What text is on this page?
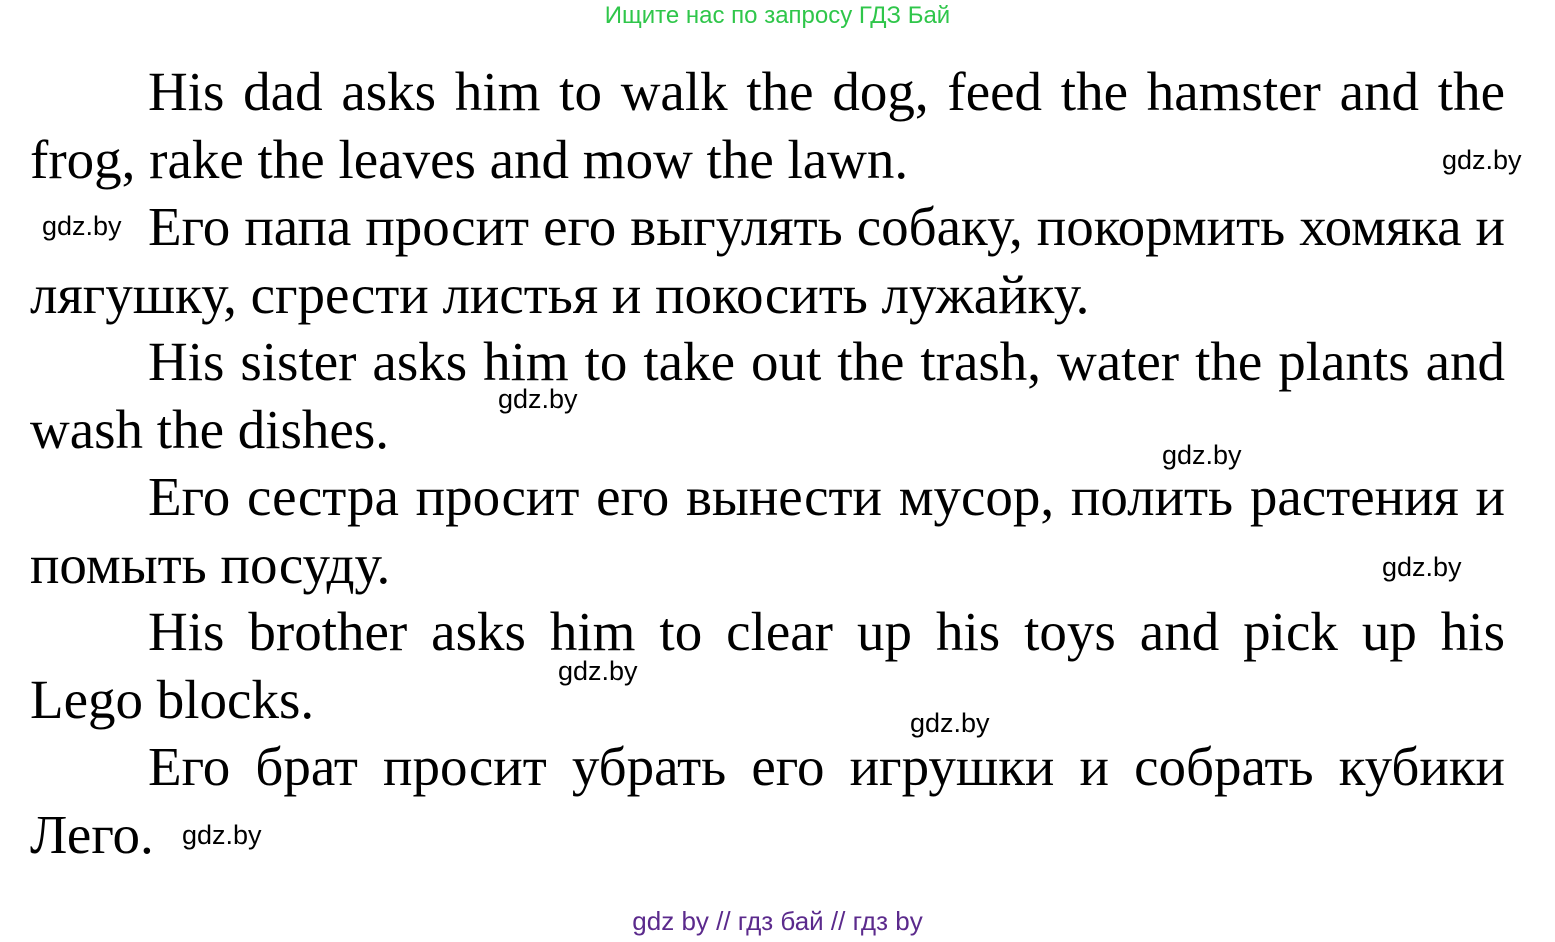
Ищите нас по запросу ГДЗ Бай

His dad asks him to walk the dog, feed the hamster and the frog, rake the leaves and mow the lawn.

Его папа просит его выгулять собаку, покормить хомяка и лягушку, сгрести листья и покосить лужайку.

His sister asks him to take out the trash, water the plants and wash the dishes.

Его сестра просит его вынести мусор, полить растения и помыть посуду.

His brother asks him to clear up his toys and pick up his Lego blocks.

Его брат просит убрать его игрушки и собрать кубики Лего.

gdz.by
gdz.by
gdz.by
gdz.by
gdz.by
gdz.by
gdz.by
gdz.by
gdz by // гдз бай // гдз by
